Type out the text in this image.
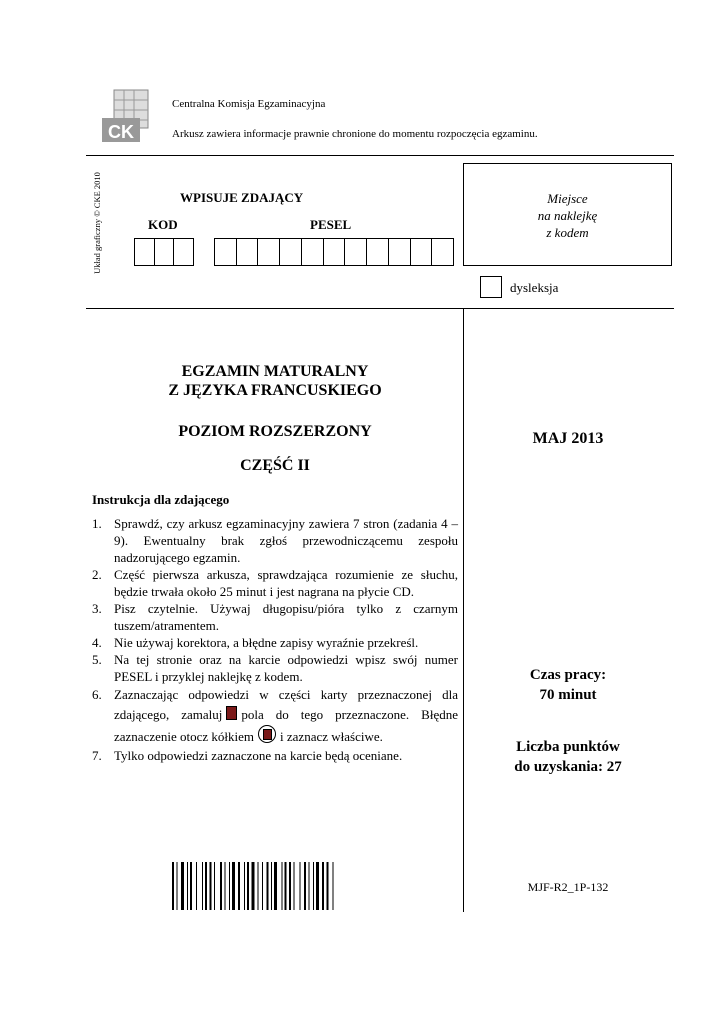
CK
Centralna Komisja Egzaminacyjna
Arkusz zawiera informacje prawnie chronione do momentu rozpoczęcia egzaminu.
Układ graficzny © CKE 2010	WPISUJE ZDAJĄCY
KOD	PESEL
Miejsce
na naklejkę
z kodem
dysleksja
EGZAMIN MATURALNY
Z JĘZYKA FRANCUSKIEGO
POZIOM ROZSZERZONY
CZĘŚĆ II
MAJ 2013
Instrukcja dla zdającego
1. Sprawdź, czy arkusz egzaminacyjny zawiera 7 stron (zadania 4 – 9). Ewentualny brak zgłoś przewodniczącemu zespołu nadzorującego egzamin.
2. Część pierwsza arkusza, sprawdzająca rozumienie ze słuchu, będzie trwała około 25 minut i jest nagrana na płycie CD.
3. Pisz czytelnie. Używaj długopisu/pióra tylko z czarnym tuszem/atramentem.
4. Nie używaj korektora, a błędne zapisy wyraźnie przekreśl.
5. Na tej stronie oraz na karcie odpowiedzi wpisz swój numer PESEL i przyklej naklejkę z kodem.
6. Zaznaczając odpowiedzi w części karty przeznaczonej dla zdającego, zamaluj pola do tego przeznaczone. Błędne zaznaczenie otocz kółkiem i zaznacz właściwe.
7. Tylko odpowiedzi zaznaczone na karcie będą oceniane.
Czas pracy:
70 minut
Liczba punktów
do uzyskania: 27
MJF-R2_1P-132
